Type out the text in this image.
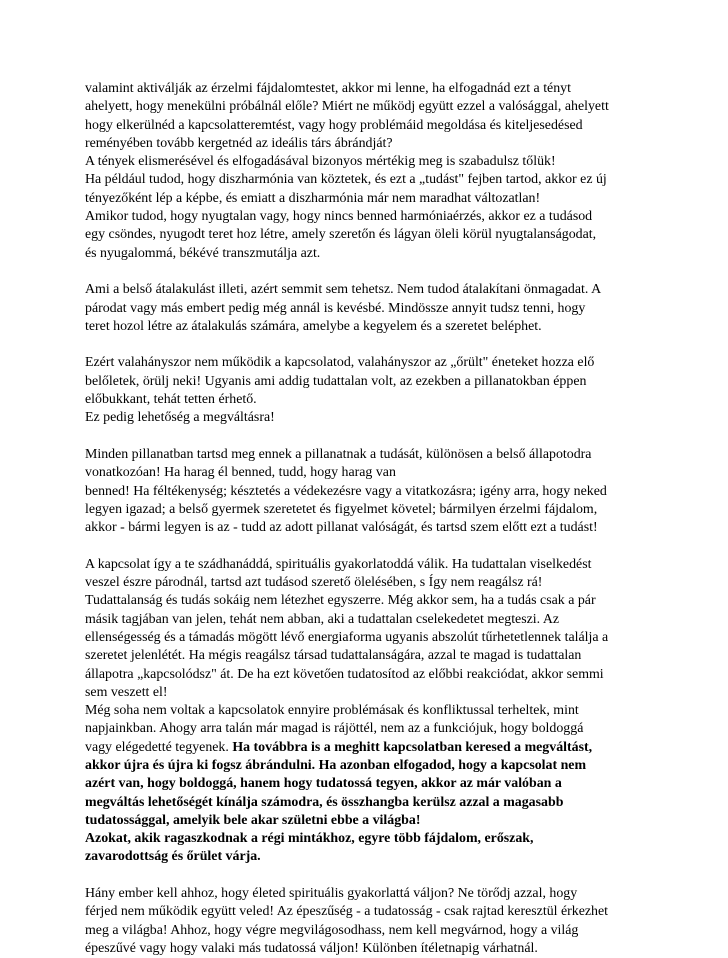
valamint aktiválják az érzelmi fájdalomtestet, akkor mi lenne, ha elfogadnád ezt a tényt
ahelyett, hogy menekülni próbálnál előle? Miért ne működj együtt ezzel a valósággal, ahelyett
hogy elkerülnéd a kapcsolatteremtést, vagy hogy problémáid megoldása és kiteljesedésed
reményében tovább kergetnéd az ideális társ ábrándját?
A tények elismerésével és elfogadásával bizonyos mértékig meg is szabadulsz tőlük!
Ha például tudod, hogy diszharmónia van köztetek, és ezt a „tudást" fejben tartod, akkor ez új
tényezőként lép a képbe, és emiatt a diszharmónia már nem maradhat változatlan!
Amikor tudod, hogy nyugtalan vagy, hogy nincs benned harmóniaérzés, akkor ez a tudásod
egy csöndes, nyugodt teret hoz létre, amely szeretőn és lágyan öleli körül nyugtalanságodat,
és nyugalommá, békévé transzmutálja azt.

Ami a belső átalakulást illeti, azért semmit sem tehetsz. Nem tudod átalakítani önmagadat. A
párodat vagy más embert pedig még annál is kevésbé. Mindössze annyit tudsz tenni, hogy
teret hozol létre az átalakulás számára, amelybe a kegyelem és a szeretet beléphet.

Ezért valahányszor nem működik a kapcsolatod, valahányszor az „őrült" éneteket hozza elő
belőletek, örülj neki! Ugyanis ami addig tudattalan volt, az ezekben a pillanatokban éppen
előbukkant, tehát tetten érhető.
Ez pedig lehetőség a megváltásra!

Minden pillanatban tartsd meg ennek a pillanatnak a tudását, különösen a belső állapotodra
vonatkozóan! Ha harag él benned, tudd, hogy harag van
benned! Ha féltékenység; késztetés a védekezésre vagy a vitatkozásra; igény arra, hogy neked
legyen igazad; a belső gyermek szeretetet és figyelmet követel; bármilyen érzelmi fájdalom,
akkor - bármi legyen is az - tudd az adott pillanat valóságát, és tartsd szem előtt ezt a tudást!

A kapcsolat így a te szádhanáddá, spirituális gyakorlatoddá válik. Ha tudattalan viselkedést
veszel észre párodnál, tartsd azt tudásod szerető ölelésében, s Így nem reagálsz rá!
Tudattalanság és tudás sokáig nem létezhet egyszerre. Még akkor sem, ha a tudás csak a pár
másik tagjában van jelen, tehát nem abban, aki a tudattalan cselekedetet megteszi. Az
ellenségesség és a támadás mögött lévő energiaforma ugyanis abszolút tűrhetetlennek találja a
szeretet jelenlétét. Ha mégis reagálsz társad tudattalanságára, azzal te magad is tudattalan
állapotra „kapcsolódsz" át. De ha ezt követően tudatosítod az előbbi reakciódat, akkor semmi
sem veszett el!
Még soha nem voltak a kapcsolatok ennyire problémásak és konfliktussal terheltek, mint
napjainkban. Ahogy arra talán már magad is rájöttél, nem az a funkciójuk, hogy boldoggá
vagy elégedetté tegyenek. Ha továbbra is a meghitt kapcsolatban keresed a megváltást,
akkor újra és újra ki fogsz ábrándulni. Ha azonban elfogadod, hogy a kapcsolat nem
azért van, hogy boldoggá, hanem hogy tudatossá tegyen, akkor az már valóban a
megváltás lehetőségét kínálja számodra, és összhangba kerülsz azzal a magasabb
tudatossággal, amelyik bele akar születni ebbe a világba!
Azokat, akik ragaszkodnak a régi mintákhoz, egyre több fájdalom, erőszak,
zavarodottság és őrület várja.

Hány ember kell ahhoz, hogy életed spirituális gyakorlattá váljon? Ne törődj azzal, hogy
férjed nem működik együtt veled! Az épeszűség - a tudatosság - csak rajtad keresztül érkezhet
meg a világba! Ahhoz, hogy végre megvilágosodhass, nem kell megvárnod, hogy a világ
épeszűvé vagy hogy valaki más tudatossá váljon! Különben ítéletnapig várhatnál.
